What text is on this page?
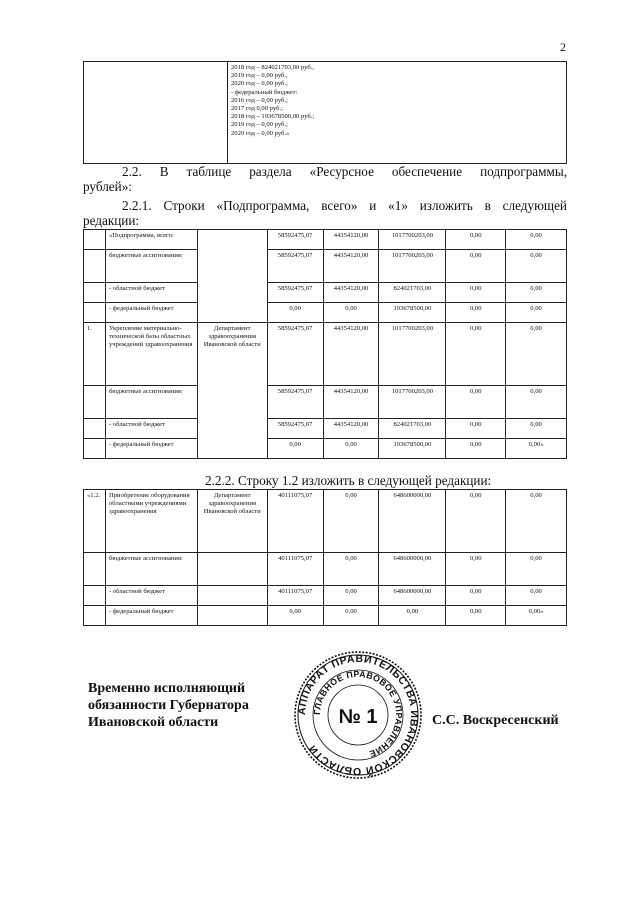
2

2018 год – 824021703,00 руб.,
2019 год – 0,00 руб.,
2020 год – 0,00 руб.;
- федеральный бюджет:
2016 год – 0,00 руб.;
2017 год 0,00 руб.;
2018 год – 193678500,00 руб.;
2019 год – 0,00 руб.;
2020 год – 0,00 руб.»
2.2. В таблице раздела «Ресурсное обеспечение подпрограммы,
рублей»:
2.2.1. Строки «Подпрограмма, всего» и «1» изложить в следующей
редакции:
	«Подпрограмма, всего:		58592475,07	44354120,00	1017700203,00	0,00	0,00
	бюджетные ассигнования:		58592475,07	44354120,00	1017700203,00	0,00	0,00
	- областной бюджет		58592475,07	44354120,00	824021703,00	0,00	0,00
	- федеральный бюджет		0,00	0,00	193678500,00	0,00	0,00
1.	Укрепление материально-технической базы областных учреждений здравоохранения	Департамент здравоохранения Ивановской области	58592475,07	44354120,00	1017700203,00	0,00	0,00
	бюджетные ассигнования:		58592475,07	44354120,00	1017700203,00	0,00	0,00
	- областной бюджет		58592475,07	44354120,00	824021703,00	0,00	0,00
	- федеральный бюджет		0,00	0,00	193678500,00	0,00	0,00»
2.2.2. Строку 1.2 изложить в следующей редакции:
«1.2.	Приобретение оборудования областными учреждениями здравоохранения	Департамент здравоохранения Ивановской области	40111075,07	0,00	648600000,00	0,00	0,00
	бюджетные ассигнования:		40111075,07	0,00	648600000,00	0,00	0,00
	- областной бюджет		40111075,07	0,00	648600000,00	0,00	0,00
	- федеральный бюджет		0,00	0,00	0,00	0,00	0,00»
Временно исполняющий
обязанности Губернатора
Ивановской области
АППАРАТ ПРАВИТЕЛЬСТВА ИВАНОВСКОЙ ОБЛАСТИ
ГЛАВНОЕ ПРАВОВОЕ УПРАВЛЕНИЕ
№ 1	С.С. Воскресенский
